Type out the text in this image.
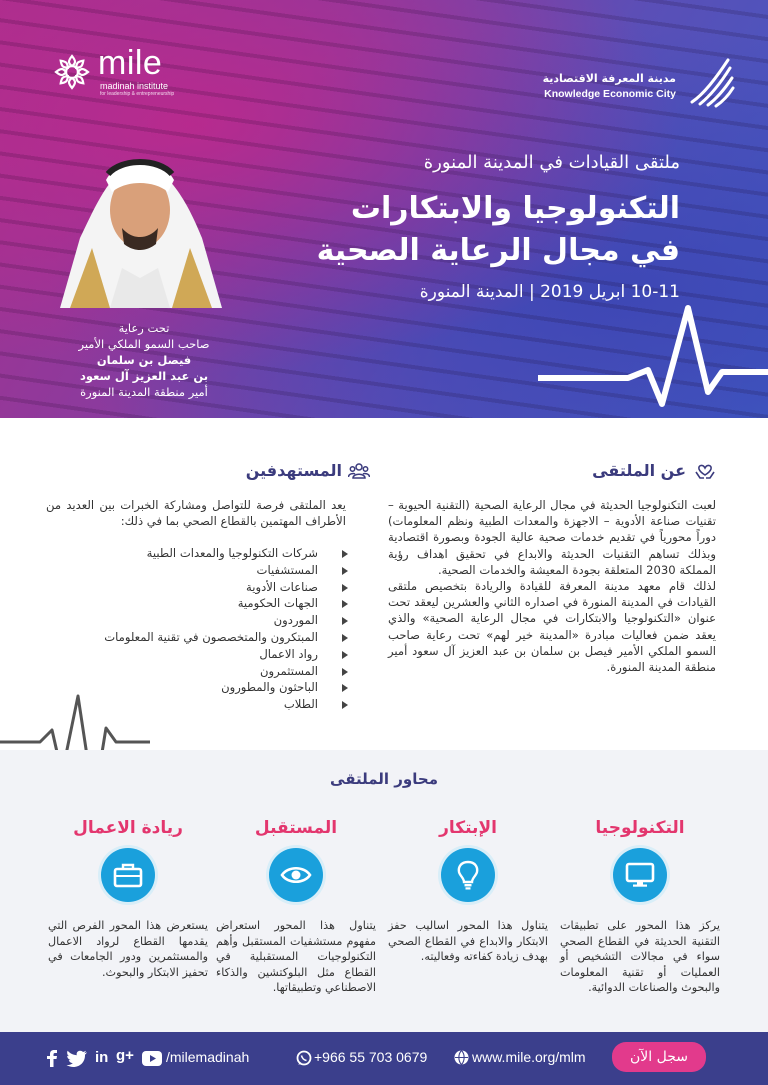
mile
madinah institute
for leadership & entrepreneurship
مدينة المعرفة الاقتصادية
Knowledge Economic City
تحت رعاية
صاحب السمو الملكي الأمير
فيصل بن سلمان
بن عبد العزيز آل سعود
أمير منطقة المدينة المنورة
ملتقى القيادات في المدينة المنورة
التكنولوجيا والابتكارات
في مجال الرعاية الصحية
10-11 ابريل 2019 | المدينة المنورة
عن الملتقى
لعبت التكنولوجيا الحديثة في مجال الرعاية الصحية (التقنية الحيوية – تقنيات صناعة الأدوية – الاجهزة والمعدات الطبية ونظم المعلومات) دوراً محورياً في تقديم خدمات صحية عالية الجودة وبصورة اقتصادية وبذلك تساهم التقنيات الحديثة والابداع في تحقيق اهداف رؤية المملكة 2030 المتعلقة بجودة المعيشة والخدمات الصحية.
لذلك قام معهد مدينة المعرفة للقيادة والريادة بتخصيص ملتقى القيادات في المدينة المنورة في اصداره الثاني والعشرين ليعقد تحت عنوان «التكنولوجيا والابتكارات في مجال الرعاية الصحية» والذي يعقد ضمن فعاليات مبادرة «المدينة خير لهم» تحت رعاية صاحب السمو الملكي الأمير فيصل بن سلمان بن عبد العزيز آل سعود أمير منطقة المدينة المنورة.
المستهدفين
يعد الملتقى فرصة للتواصل ومشاركة الخبرات بين العديد من الأطراف المهتمين بالقطاع الصحي بما في ذلك:
شركات التكنولوجيا والمعدات الطبية
المستشفيات
صناعات الأدوية
الجهات الحكومية
الموردون
المبتكرون والمتخصصون في تقنية المعلومات
رواد الاعمال
المستثمرون
الباحثون والمطورون
الطلاب
محاور الملتقى
التكنولوجيا
يركز هذا المحور على تطبيقات التقنية الحديثة في القطاع الصحي سواء في مجالات التشخيص أو العمليات أو تقنية المعلومات والبحوث والصناعات الدوائية.
الإبتكار
يتناول هذا المحور اساليب حفز الابتكار والابداع في القطاع الصحي بهدف زيادة كفاءته وفعاليته.
المستقبل
يتناول هذا المحور استعراض مفهوم مستشفيات المستقبل وأهم التكنولوجيات المستقبلية في القطاع مثل البلوكتشين والذكاء الاصطناعي وتطبيقاتها.
ريادة الاعمال
يستعرض هذا المحور الفرص التي يقدمها القطاع لرواد الاعمال والمستثمرين ودور الجامعات في تحفيز الابتكار والبحوث.
in g+ /milemadinah	+966 55 703 0679	www.mile.org/mlm	سجل الآن
